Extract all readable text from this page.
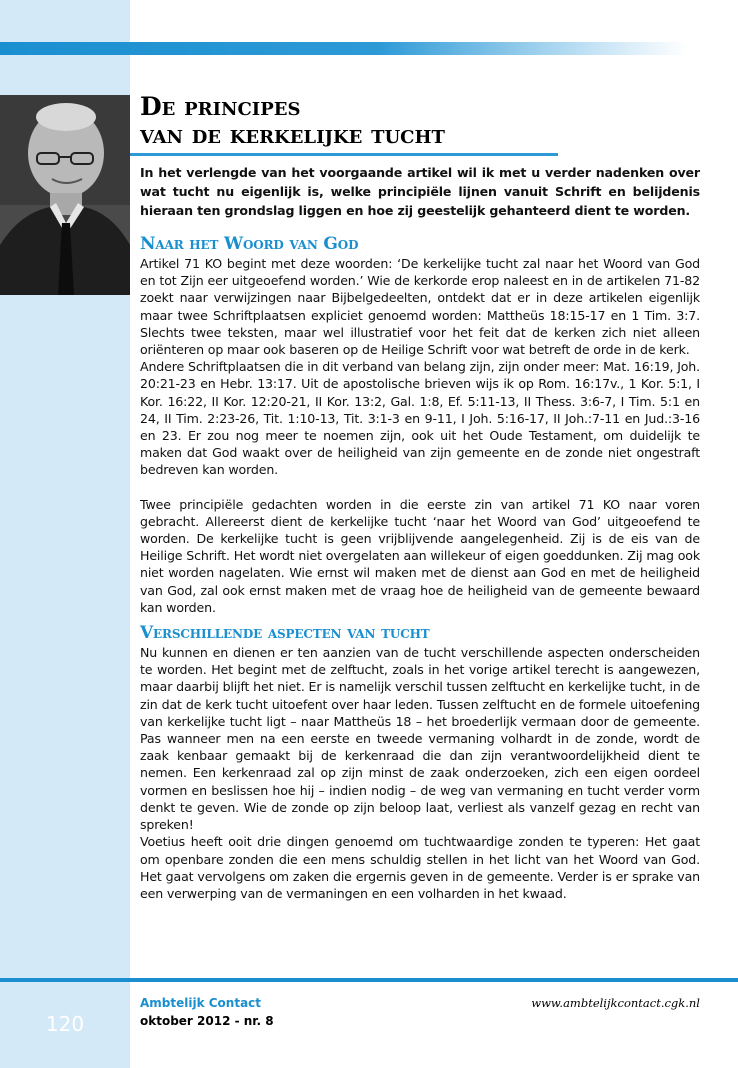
De principes
van de kerkelijke tucht

In het verlengde van het voorgaande artikel wil ik met u verder nadenken over wat tucht nu eigenlijk is, welke principiële lijnen vanuit Schrift en belijdenis hieraan ten grondslag liggen en hoe zij geestelijk gehanteerd dient te worden.

Naar het Woord van God

Artikel 71 KO begint met deze woorden: ‘De kerkelijke tucht zal naar het Woord van God en tot Zijn eer uitgeoefend worden.’ Wie de kerkorde erop naleest en in de artikelen 71-82 zoekt naar verwijzingen naar Bijbelgedeelten, ontdekt dat er in deze artikelen eigenlijk maar twee Schriftplaatsen expliciet genoemd worden: Mattheüs 18:15-17 en 1 Tim. 3:7. Slechts twee teksten, maar wel illustratief voor het feit dat de kerken zich niet alleen oriënteren op maar ook baseren op de Heilige Schrift voor wat betreft de orde in de kerk.

Andere Schriftplaatsen die in dit verband van belang zijn, zijn onder meer: Mat. 16:19, Joh. 20:21-23 en Hebr. 13:17. Uit de apostolische brieven wijs ik op Rom. 16:17v., 1 Kor. 5:1, I Kor. 16:22, II Kor. 12:20-21, II Kor. 13:2, Gal. 1:8, Ef. 5:11-13, II Thess. 3:6-7, I Tim. 5:1 en 24, II Tim. 2:23-26, Tit. 1:10-13, Tit. 3:1-3 en 9-11, I Joh. 5:16-17, II Joh.:7-11 en Jud.:3-16 en 23. Er zou nog meer te noemen zijn, ook uit het Oude Testament, om duidelijk te maken dat God waakt over de heiligheid van zijn gemeente en de zonde niet ongestraft bedreven kan worden.

Twee principiële gedachten worden in die eerste zin van artikel 71 KO naar voren gebracht. Allereerst dient de kerkelijke tucht ‘naar het Woord van God’ uitgeoefend te worden. De kerkelijke tucht is geen vrijblijvende aangelegenheid. Zij is de eis van de Heilige Schrift. Het wordt niet overgelaten aan willekeur of eigen goeddunken. Zij mag ook niet worden nagelaten. Wie ernst wil maken met de dienst aan God en met de heiligheid van God, zal ook ernst maken met de vraag hoe de heiligheid van de gemeente bewaard kan worden.

Verschillende aspecten van tucht

Nu kunnen en dienen er ten aanzien van de tucht verschillende aspecten onderscheiden te worden. Het begint met de zelftucht, zoals in het vorige artikel terecht is aangewezen, maar daarbij blijft het niet. Er is namelijk verschil tussen zelftucht en kerkelijke tucht, in de zin dat de kerk tucht uitoefent over haar leden. Tussen zelftucht en de formele uitoefening van kerkelijke tucht ligt – naar Mattheüs 18 – het broederlijk vermaan door de gemeente. Pas wanneer men na een eerste en tweede vermaning volhardt in de zonde, wordt de zaak kenbaar gemaakt bij de kerkenraad die dan zijn verantwoordelijkheid dient te nemen. Een kerkenraad zal op zijn minst de zaak onderzoeken, zich een eigen oordeel vormen en beslissen hoe hij – indien nodig – de weg van vermaning en tucht verder vorm denkt te geven. Wie de zonde op zijn beloop laat, verliest als vanzelf gezag en recht van spreken!

Voetius heeft ooit drie dingen genoemd om tuchtwaardige zonden te typeren: Het gaat om openbare zonden die een mens schuldig stellen in het licht van het Woord van God. Het gaat vervolgens om zaken die ergernis geven in de gemeente. Verder is er sprake van een verwerping van de vermaningen en een volharden in het kwaad.

120
Ambtelijk Contact
oktober 2012 - nr. 8
www.ambtelijkcontact.cgk.nl
